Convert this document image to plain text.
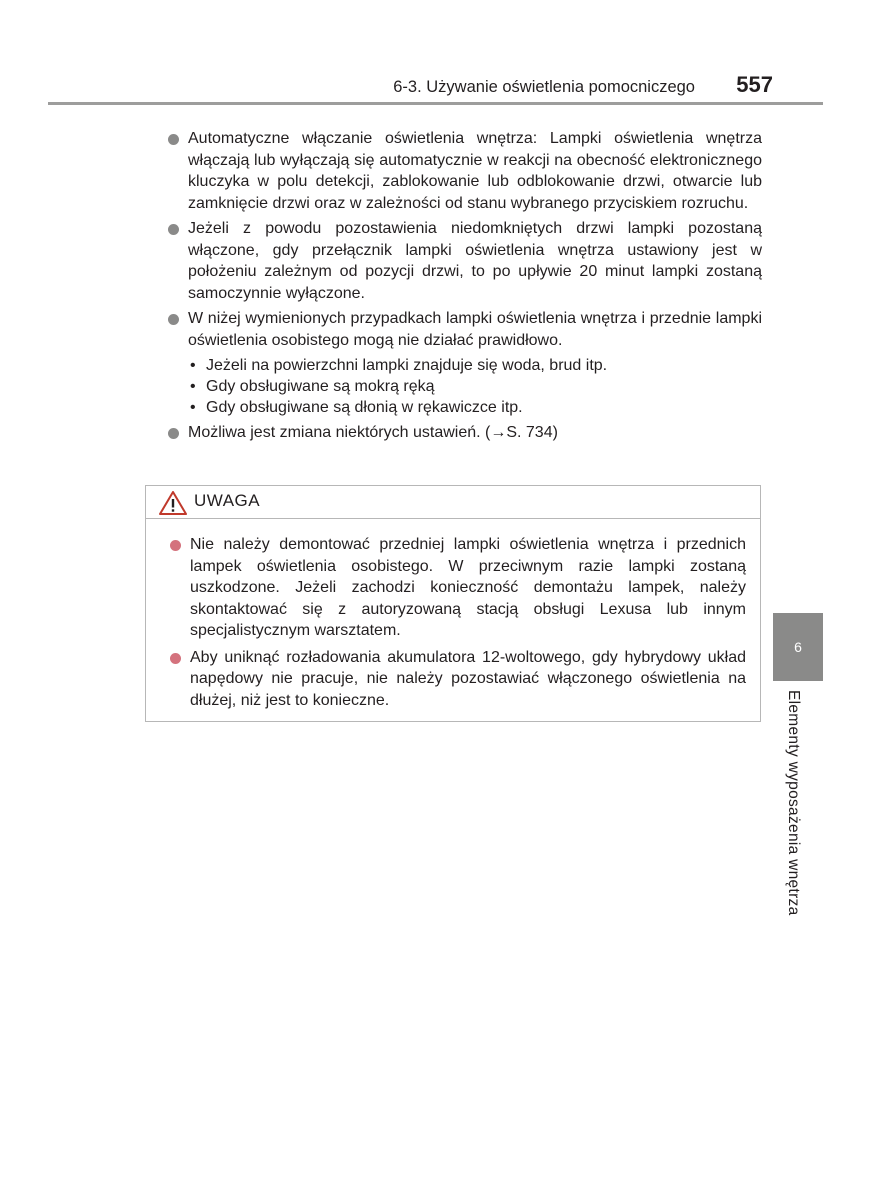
6-3. Używanie oświetlenia pomocniczego 557
Automatyczne włączanie oświetlenia wnętrza: Lampki oświetlenia wnętrza włączają lub wyłączają się automatycznie w reakcji na obecność elektronicznego kluczyka w polu detekcji, zablokowanie lub odblokowanie drzwi, otwarcie lub zamknięcie drzwi oraz w zależności od stanu wybranego przyciskiem rozruchu.
Jeżeli z powodu pozostawienia niedomkniętych drzwi lampki pozostaną włączone, gdy przełącznik lampki oświetlenia wnętrza ustawiony jest w położeniu zależnym od pozycji drzwi, to po upływie 20 minut lampki zostaną samoczynnie wyłączone.
W niżej wymienionych przypadkach lampki oświetlenia wnętrza i przednie lampki oświetlenia osobistego mogą nie działać prawidłowo.
• Jeżeli na powierzchni lampki znajduje się woda, brud itp.
• Gdy obsługiwane są mokrą ręką
• Gdy obsługiwane są dłonią w rękawiczce itp.
Możliwa jest zmiana niektórych ustawień. (→S. 734)
UWAGA
Nie należy demontować przedniej lampki oświetlenia wnętrza i przednich lampek oświetlenia osobistego. W przeciwnym razie lampki zostaną uszkodzone. Jeżeli zachodzi konieczność demontażu lampek, należy skontaktować się z autoryzowaną stacją obsługi Lexusa lub innym specjalistycznym warsztatem.
Aby uniknąć rozładowania akumulatora 12-woltowego, gdy hybrydowy układ napędowy nie pracuje, nie należy pozostawiać włączonego oświetlenia na dłużej, niż jest to konieczne.
6
Elementy wyposażenia wnętrza
